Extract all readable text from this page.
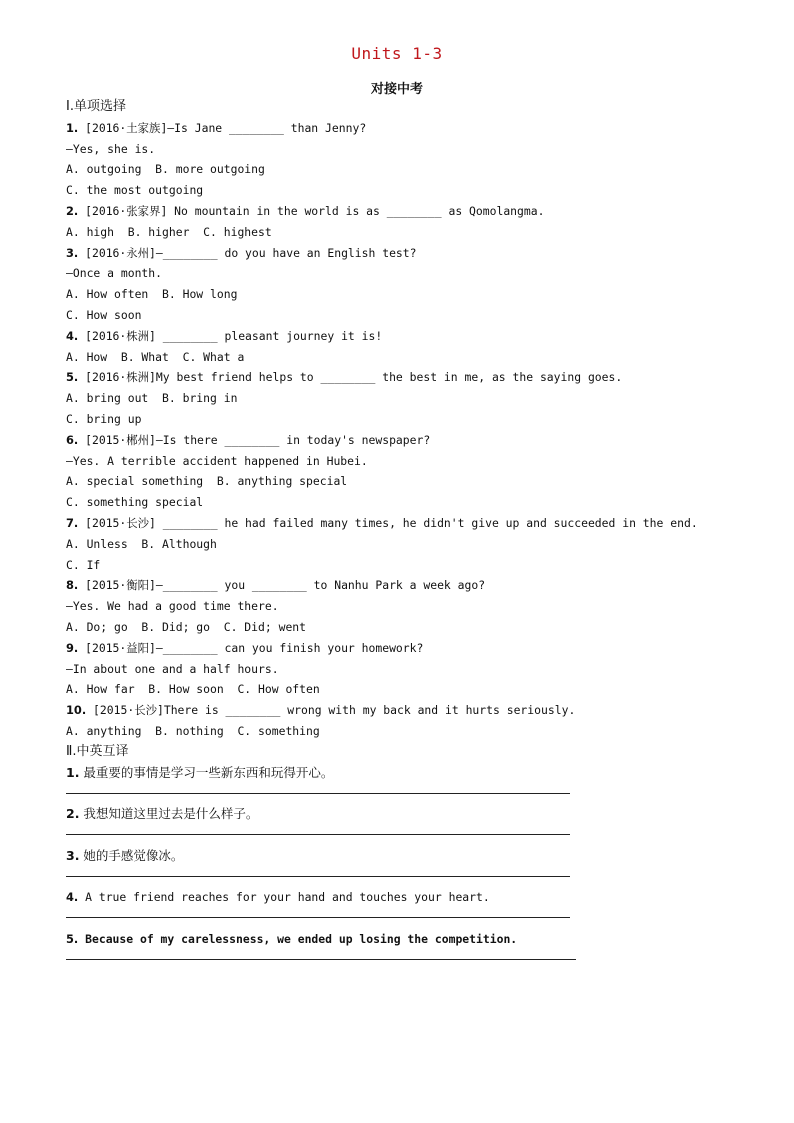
Units 1-3
对接中考
Ⅰ.单项选择
1. [2016·土家族]—Is Jane ________ than Jenny?
—Yes, she is.
A. outgoing  B. more outgoing
C. the most outgoing
2. [2016·张家界] No mountain in the world is as ________ as Qomolangma.
A. high  B. higher  C. highest
3. [2016·永州]—________ do you have an English test?
—Once a month.
A. How often  B. How long
C. How soon
4. [2016·株洲] ________ pleasant journey it is!
A. How  B. What  C. What a
5. [2016·株洲]My best friend helps to ________ the best in me, as the saying goes.
A. bring out  B. bring in
C. bring up
6. [2015·郴州]—Is there ________ in today's newspaper?
—Yes. A terrible accident happened in Hubei.
A. special something  B. anything special
C. something special
7. [2015·长沙] ________ he had failed many times, he didn't give up and succeeded in the end.
A. Unless  B. Although
C. If
8. [2015·衡阳]—________ you ________ to Nanhu Park a week ago?
—Yes. We had a good time there.
A. Do; go  B. Did; go  C. Did; went
9. [2015·益阳]—________ can you finish your homework?
—In about one and a half hours.
A. How far  B. How soon  C. How often
10. [2015·长沙]There is ________ wrong with my back and it hurts seriously.
A. anything  B. nothing  C. something
Ⅱ.中英互译
1. 最重要的事情是学习一些新东西和玩得开心。
2. 我想知道这里过去是什么样子。
3. 她的手感觉像冰。
4. A true friend reaches for your hand and touches your heart.
5. Because of my carelessness, we ended up losing the competition.
